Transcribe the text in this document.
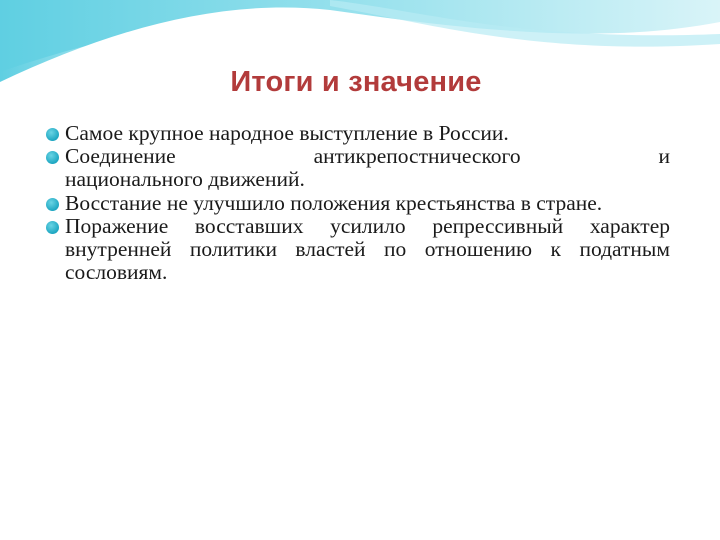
Итоги и значение
Самое крупное народное выступление в России.
Соединение антикрепостнического и
национального движений.
Восстание не улучшило положения крестьянства в стране.
Поражение восставших усилило репрессивный характер внутренней политики властей по отношению к податным сословиям.
